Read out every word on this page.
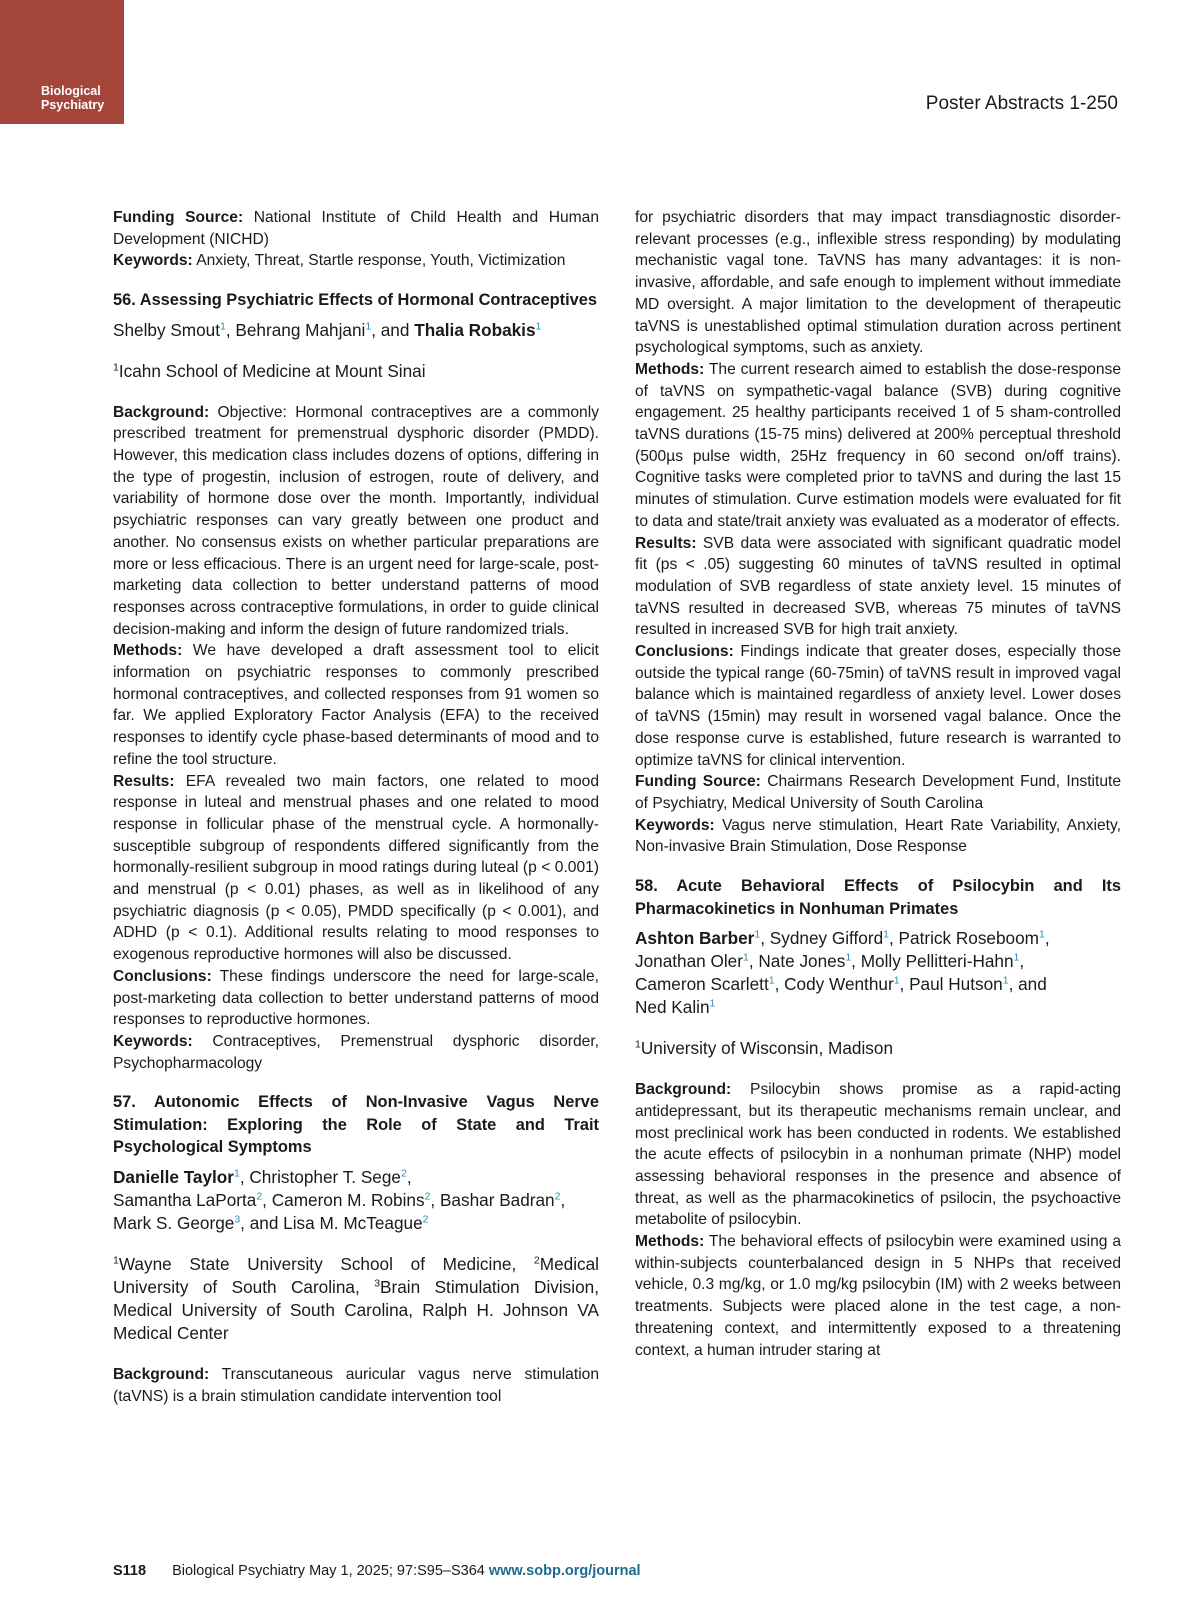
Biological
Psychiatry	Poster Abstracts 1-250

Funding Source: National Institute of Child Health and Human Development (NICHD)

Keywords: Anxiety, Threat, Startle response, Youth, Victimization

56. Assessing Psychiatric Effects of Hormonal Contraceptives
Shelby Smout$^1$, Behrang Mahjani$^1$, and Thalia Robakis$^1$
$^1$Icahn School of Medicine at Mount Sinai

Background: Objective: Hormonal contraceptives are a commonly prescribed treatment for premenstrual dysphoric disorder (PMDD). However, this medication class includes dozens of options, differing in the type of progestin, inclusion of estrogen, route of delivery, and variability of hormone dose over the month. Importantly, individual psychiatric responses can vary greatly between one product and another. No consensus exists on whether particular preparations are more or less efficacious. There is an urgent need for large-scale, post-marketing data collection to better understand patterns of mood responses across contraceptive formulations, in order to guide clinical decision-making and inform the design of future randomized trials.

Methods: We have developed a draft assessment tool to elicit information on psychiatric responses to commonly prescribed hormonal contraceptives, and collected responses from 91 women so far. We applied Exploratory Factor Analysis (EFA) to the received responses to identify cycle phase-based determinants of mood and to refine the tool structure.

Results: EFA revealed two main factors, one related to mood response in luteal and menstrual phases and one related to mood response in follicular phase of the menstrual cycle. A hormonally-susceptible subgroup of respondents differed significantly from the hormonally-resilient subgroup in mood ratings during luteal (p < 0.001) and menstrual (p < 0.01) phases, as well as in likelihood of any psychiatric diagnosis (p < 0.05), PMDD specifically (p < 0.001), and ADHD (p < 0.1). Additional results relating to mood responses to exogenous reproductive hormones will also be discussed.

Conclusions: These findings underscore the need for large-scale, post-marketing data collection to better understand patterns of mood responses to reproductive hormones.

Keywords: Contraceptives, Premenstrual dysphoric disorder, Psychopharmacology

57. Autonomic Effects of Non-Invasive Vagus Nerve Stimulation: Exploring the Role of State and Trait Psychological Symptoms
Danielle Taylor$^1$, Christopher T. Sege$^2$,
Samantha LaPorta$^2$, Cameron M. Robins$^2$, Bashar Badran$^2$,
Mark S. George$^3$, and Lisa M. McTeague$^2$
$^1$Wayne State University School of Medicine, $^2$Medical University of South Carolina, $^3$Brain Stimulation Division, Medical University of South Carolina, Ralph H. Johnson VA Medical Center

Background: Transcutaneous auricular vagus nerve stimulation (taVNS) is a brain stimulation candidate intervention tool

for psychiatric disorders that may impact transdiagnostic disorder-relevant processes (e.g., inflexible stress responding) by modulating mechanistic vagal tone. TaVNS has many advantages: it is non-invasive, affordable, and safe enough to implement without immediate MD oversight. A major limitation to the development of therapeutic taVNS is unestablished optimal stimulation duration across pertinent psychological symptoms, such as anxiety.

Methods: The current research aimed to establish the dose-response of taVNS on sympathetic-vagal balance (SVB) during cognitive engagement. 25 healthy participants received 1 of 5 sham-controlled taVNS durations (15-75 mins) delivered at 200% perceptual threshold (500µs pulse width, 25Hz frequency in 60 second on/off trains). Cognitive tasks were completed prior to taVNS and during the last 15 minutes of stimulation. Curve estimation models were evaluated for fit to data and state/trait anxiety was evaluated as a moderator of effects.

Results: SVB data were associated with significant quadratic model fit (ps < .05) suggesting 60 minutes of taVNS resulted in optimal modulation of SVB regardless of state anxiety level. 15 minutes of taVNS resulted in decreased SVB, whereas 75 minutes of taVNS resulted in increased SVB for high trait anxiety.

Conclusions: Findings indicate that greater doses, especially those outside the typical range (60-75min) of taVNS result in improved vagal balance which is maintained regardless of anxiety level. Lower doses of taVNS (15min) may result in worsened vagal balance. Once the dose response curve is established, future research is warranted to optimize taVNS for clinical intervention.

Funding Source: Chairmans Research Development Fund, Institute of Psychiatry, Medical University of South Carolina

Keywords: Vagus nerve stimulation, Heart Rate Variability, Anxiety, Non-invasive Brain Stimulation, Dose Response

58. Acute Behavioral Effects of Psilocybin and Its Pharmacokinetics in Nonhuman Primates
Ashton Barber$^1$, Sydney Gifford$^1$, Patrick Roseboom$^1$,
Jonathan Oler$^1$, Nate Jones$^1$, Molly Pellitteri-Hahn$^1$,
Cameron Scarlett$^1$, Cody Wenthur$^1$, Paul Hutson$^1$, and
Ned Kalin$^1$
$^1$University of Wisconsin, Madison

Background: Psilocybin shows promise as a rapid-acting antidepressant, but its therapeutic mechanisms remain unclear, and most preclinical work has been conducted in rodents. We established the acute effects of psilocybin in a nonhuman primate (NHP) model assessing behavioral responses in the presence and absence of threat, as well as the pharmacokinetics of psilocin, the psychoactive metabolite of psilocybin.

Methods: The behavioral effects of psilocybin were examined using a within-subjects counterbalanced design in 5 NHPs that received vehicle, 0.3 mg/kg, or 1.0 mg/kg psilocybin (IM) with 2 weeks between treatments. Subjects were placed alone in the test cage, a non-threatening context, and intermittently exposed to a threatening context, a human intruder staring at

S118 Biological Psychiatry May 1, 2025; 97:S95–S364 www.sobp.org/journal
